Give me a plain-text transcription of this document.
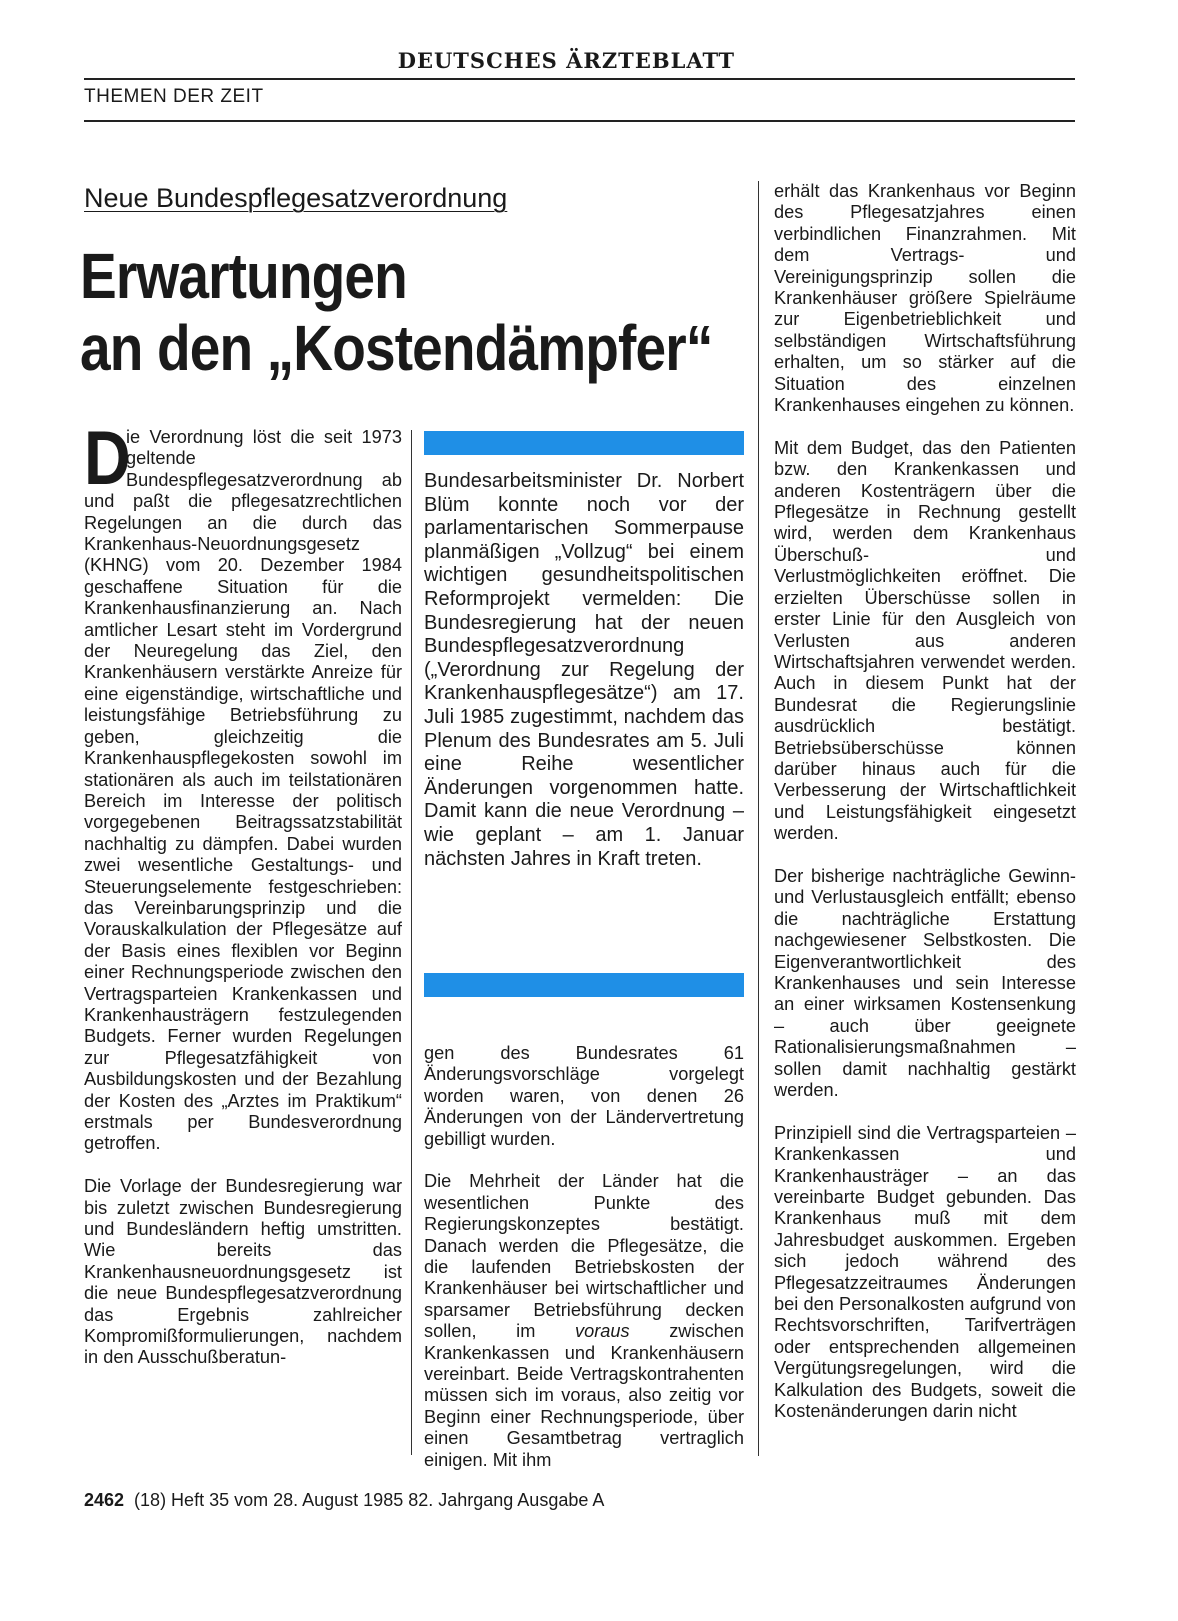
DEUTSCHES ÄRZTEBLATT
THEMEN DER ZEIT
Neue Bundespflegesatzverordnung
Erwartungen
an den „Kostendämpfer“

D
ie Verordnung löst die seit 1973 geltende Bundespflegesatzverordnung ab und paßt die pflegesatzrechtlichen Regelungen an die durch das Krankenhaus-Neuordnungsgesetz (KHNG) vom 20. Dezember 1984 geschaffene Situation für die Krankenhausfinanzierung an. Nach amtlicher Lesart steht im Vordergrund der Neuregelung das Ziel, den Krankenhäusern verstärkte Anreize für eine eigenständige, wirtschaftliche und leistungsfähige Betriebsführung zu geben, gleichzeitig die Krankenhauspflegekosten sowohl im stationären als auch im teilstationären Bereich im Interesse der politisch vorgegebenen Beitragssatzstabilität nachhaltig zu dämpfen. Dabei wurden zwei wesentliche Gestaltungs- und Steuerungselemente festgeschrieben: das Vereinbarungsprinzip und die Vorauskalkulation der Pflegesätze auf der Basis eines flexiblen vor Beginn einer Rechnungsperiode zwischen den Vertragsparteien Krankenkassen und Krankenhausträgern festzulegenden Budgets. Ferner wurden Regelungen zur Pflegesatzfähigkeit von Ausbildungskosten und der Bezahlung der Kosten des „Arztes im Praktikum“ erstmals per Bundesverordnung getroffen.

Die Vorlage der Bundesregierung war bis zuletzt zwischen Bundesregierung und Bundesländern heftig umstritten. Wie bereits das Krankenhausneuordnungsgesetz ist die neue Bundespflegesatzverordnung das Ergebnis zahlreicher Kompromißformulierungen, nachdem in den Ausschußberatun-

Bundesarbeitsminister Dr. Norbert Blüm konnte noch vor der parlamentarischen Sommerpause planmäßigen „Vollzug“ bei einem wichtigen gesundheitspolitischen Reformprojekt vermelden: Die Bundesregierung hat der neuen Bundespflegesatzverordnung („Verordnung zur Regelung der Krankenhauspflegesätze“) am 17. Juli 1985 zugestimmt, nachdem das Plenum des Bundesrates am 5. Juli eine Reihe wesentlicher Änderungen vorgenommen hatte. Damit kann die neue Verordnung – wie geplant – am 1. Januar nächsten Jahres in Kraft treten.

gen des Bundesrates 61 Änderungsvorschläge vorgelegt worden waren, von denen 26 Änderungen von der Ländervertretung gebilligt wurden.

Die Mehrheit der Länder hat die wesentlichen Punkte des Regierungskonzeptes bestätigt. Danach werden die Pflegesätze, die die laufenden Betriebskosten der Krankenhäuser bei wirtschaftlicher und sparsamer Betriebsführung decken sollen, im voraus zwischen Krankenkassen und Krankenhäusern vereinbart. Beide Vertragskontrahenten müssen sich im voraus, also zeitig vor Beginn einer Rechnungsperiode, über einen Gesamtbetrag vertraglich einigen. Mit ihm

erhält das Krankenhaus vor Beginn des Pflegesatzjahres einen verbindlichen Finanzrahmen. Mit dem Vertrags- und Vereinigungsprinzip sollen die Krankenhäuser größere Spielräume zur Eigenbetrieblichkeit und selbständigen Wirtschaftsführung erhalten, um so stärker auf die Situation des einzelnen Krankenhauses eingehen zu können.

Mit dem Budget, das den Patienten bzw. den Krankenkassen und anderen Kostenträgern über die Pflegesätze in Rechnung gestellt wird, werden dem Krankenhaus Überschuß- und Verlustmöglichkeiten eröffnet. Die erzielten Überschüsse sollen in erster Linie für den Ausgleich von Verlusten aus anderen Wirtschaftsjahren verwendet werden. Auch in diesem Punkt hat der Bundesrat die Regierungslinie ausdrücklich bestätigt. Betriebsüberschüsse können darüber hinaus auch für die Verbesserung der Wirtschaftlichkeit und Leistungsfähigkeit eingesetzt werden.

Der bisherige nachträgliche Gewinn- und Verlustausgleich entfällt; ebenso die nachträgliche Erstattung nachgewiesener Selbstkosten. Die Eigenverantwortlichkeit des Krankenhauses und sein Interesse an einer wirksamen Kostensenkung – auch über geeignete Rationalisierungsmaßnahmen – sollen damit nachhaltig gestärkt werden.

Prinzipiell sind die Vertragsparteien – Krankenkassen und Krankenhausträger – an das vereinbarte Budget gebunden. Das Krankenhaus muß mit dem Jahresbudget auskommen. Ergeben sich jedoch während des Pflegesatzzeitraumes Änderungen bei den Personalkosten aufgrund von Rechtsvorschriften, Tarifverträgen oder entsprechenden allgemeinen Vergütungsregelungen, wird die Kalkulation des Budgets, soweit die Kostenänderungen darin nicht

2462 (18) Heft 35 vom 28. August 1985 82. Jahrgang Ausgabe A
